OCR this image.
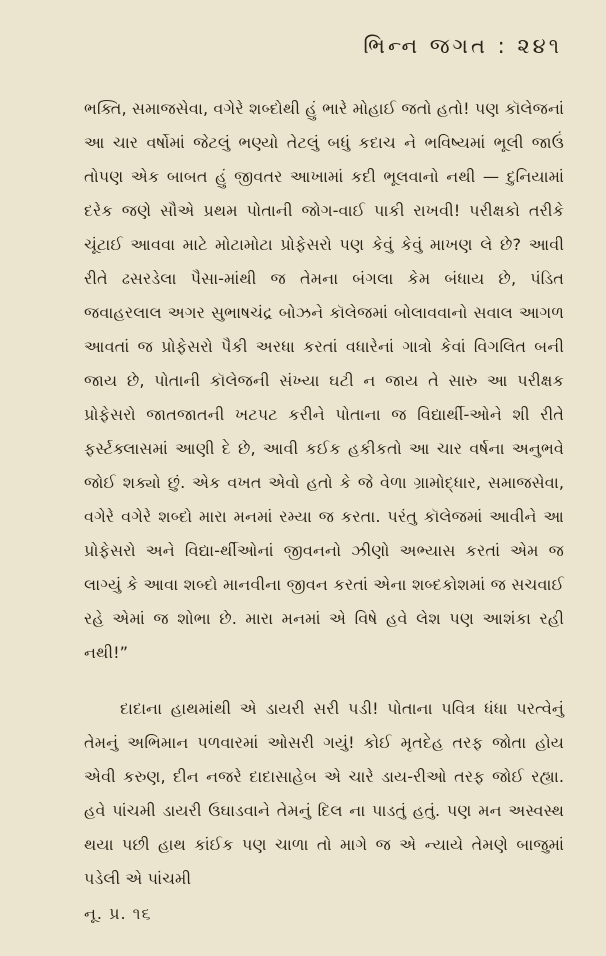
ભિન્ન જગત : ૨૪૧

ભક્તિ, સમાજસેવા, વગેરે શબ્દોથી હું ભારે મોહાઈ જતો હતો! પણ કૉલેજનાં આ ચાર વર્ષોમાં જેટલું ભણ્યો તેટલું બધું કદાચ ને ભવિષ્યમાં ભૂલી જાઉં તોપણ એક બાબત હું જીવતર આખામાં કદી ભૂલવાનો નથી — દુનિયામાં દરેક જણે સૌએ પ્રથમ પોતાની જોગ-વાઈ પાકી રાખવી! પરીક્ષકો તરીકે ચૂંટાઈ આવવા માટે મોટામોટા પ્રોફેસરો પણ કેવું કેવું માખણ લે છે? આવી રીતે ઢસરડેલા પૈસા-માંથી જ તેમના બંગલા કેમ બંધાય છે, પંડિત જવાહરલાલ અગર સુભાષચંદ્ર બોઝને કૉલેજમાં બોલાવવાનો સવાલ આગળ આવતાં જ પ્રોફેસરો પૈકી અરધા કરતાં વધારેનાં ગાત્રો કેવાં વિગલિત બની જાય છે, પોતાની કૉલેજની સંખ્યા ઘટી ન જાય તે સારુ આ પરીક્ષક પ્રોફેસરો જાતજાતની ખટપટ કરીને પોતાના જ વિદ્યાર્થી-ઓને શી રીતે ફર્સ્ટક્લાસમાં આણી દે છે, આવી કઈક હકીકતો આ ચાર વર્ષના અનુભવે જોઈ શક્યો છું. એક વખત એવો હતો કે જે વેળા ગ્રામોદ્ધાર, સમાજસેવા, વગેરે વગેરે શબ્દો મારા મનમાં રમ્યા જ કરતા. પરંતુ કૉલેજમાં આવીને આ પ્રોફેસરો અને વિદ્યા-ર્થીઓનાં જીવનનો ઝીણો અભ્યાસ કરતાં એમ જ લાગ્યું કે આવા શબ્દો માનવીના જીવન કરતાં એના શબ્દકોશમાં જ સચવાઈ રહે એમાં જ શોભા છે. મારા મનમાં એ વિષે હવે લેશ પણ આશંકા રહી નથી!”

દાદાના હાથમાંથી એ ડાયરી સરી પડી! પોતાના પવિત્ર ધંધા પરત્વેનું તેમનું અભિમાન પળવારમાં ઓસરી ગયું! કોઈ મૃતદેહ તરફ જોતા હોય એવી કરુણ, દીન નજરે દાદાસાહેબ એ ચારે ડાય-રીઓ તરફ જોઈ રહ્યા. હવે પાંચમી ડાયરી ઉઘાડવાને તેમનું દિલ ના પાડતું હતું. પણ મન અસ્વસ્થ થયા પછી હાથ કાંઈક પણ ચાળા તો માગે જ એ ન્યાયે તેમણે બાજુમાં પડેલી એ પાંચમી

નૂ. પ્ર. ૧૬
